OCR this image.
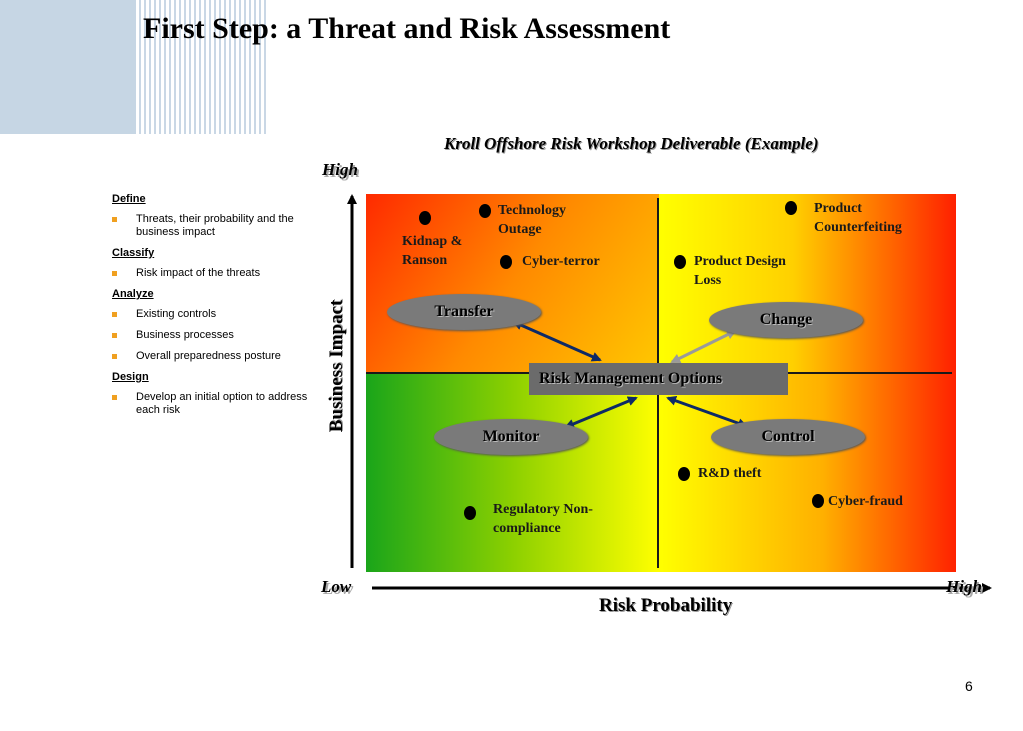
First Step: a Threat and Risk Assessment
Kroll Offshore Risk Workshop Deliverable (Example)
Define
Threats, their probability and the business impact
Classify
Risk impact of the threats
Analyze
Existing controls
Business processes
Overall preparedness posture
Design
Develop an initial option to address each risk
High
Low	High
Business Impact
Risk Probability
Kidnap & Ranson
Technology Outage
Cyber-terror
Product Counterfeiting
Product Design Loss
R&D theft
Cyber-fraud
Regulatory Non-compliance
Transfer	Change
Monitor	Control
Risk Management Options
6
